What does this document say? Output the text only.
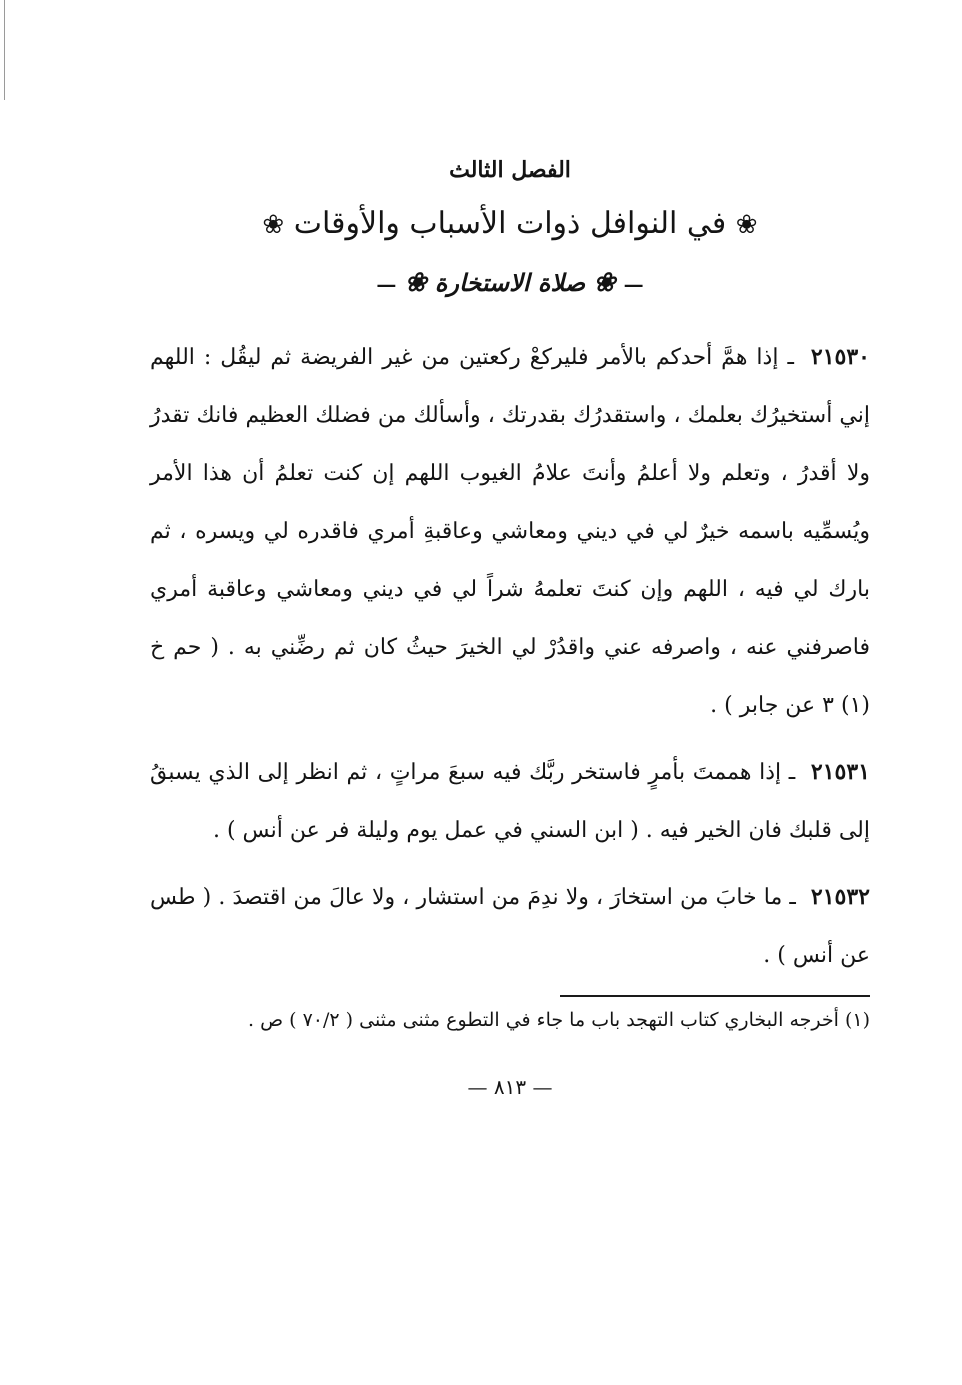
الفصل الثالث
❀ في النوافل ذوات الأسباب والأوقات ❀
— ❀ صلاة الاستخارة ❀ —

٢١٥٣٠ ـ إذا همَّ أحدكم بالأمر فليركعْ ركعتين من غير الفريضة ثم ليقُل : اللهم إني أستخيرُك بعلمك ، واستقدرُك بقدرتك ، وأسألك من فضلك العظيم فانك تقدرُ ولا أقدرُ ، وتعلم ولا أعلمُ وأنتَ علامُ الغيوب اللهم إن كنت تعلمُ أن هذا الأمر ويُسمِّيه باسمه خيرٌ لي في ديني ومعاشي وعاقبةِ أمري فاقدره لي ويسره ، ثم بارك لي فيه ، اللهم وإن كنتَ تعلمهُ شراً لي في ديني ومعاشي وعاقبة أمري فاصرفني عنه ، واصرفه عني واقدُرْ لي الخيرَ حيثُ كان ثم رضِّني به . ( حم خ (١) ٣ عن جابر ) .

٢١٥٣١ ـ إذا هممتَ بأمرٍ فاستخر ربَّك فيه سبعَ مراتٍ ، ثم انظر إلى الذي يسبقُ إلى قلبك فان الخير فيه . ( ابن السني في عمل يوم وليلة فر عن أنس ) .

٢١٥٣٢ ـ ما خابَ من استخارَ ، ولا ندِمَ من استشار ، ولا عالَ من اقتصدَ . ( طس عن أنس ) .

(١) أخرجه البخاري كتاب التهجد باب ما جاء في التطوع مثنى مثنى ( ٧٠/٢ ) ص .

— ٨١٣ —
